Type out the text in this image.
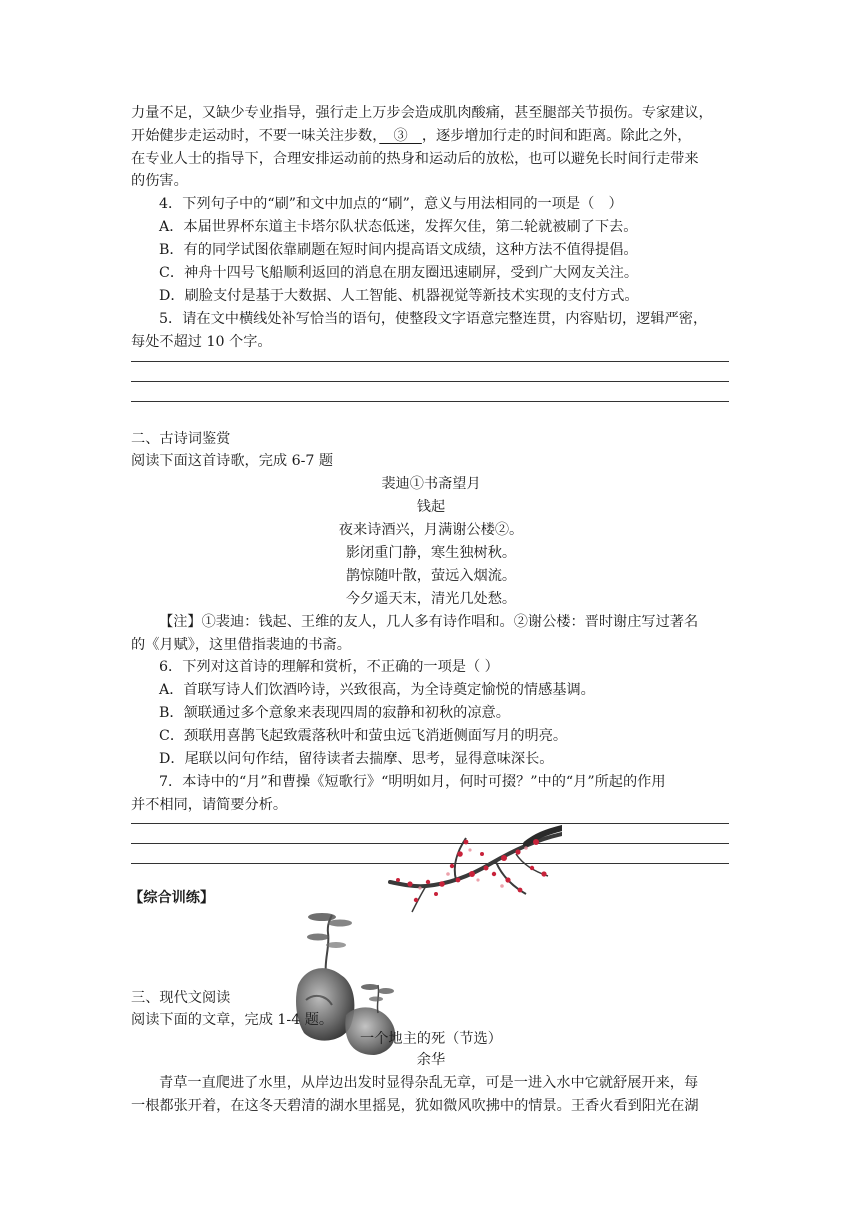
力量不足，又缺少专业指导，强行走上万步会造成肌肉酸痛，甚至腿部关节损伤。专家建议，
开始健步走运动时，不要一味关注步数，　③　，逐步增加行走的时间和距离。除此之外，
在专业人士的指导下，合理安排运动前的热身和运动后的放松，也可以避免长时间行走带来
的伤害。
4．下列句子中的“刷”和文中加点的“刷”，意义与用法相同的一项是（　）
A．本届世界杯东道主卡塔尔队状态低迷，发挥欠佳，第二轮就被刷了下去。
B．有的同学试图依靠刷题在短时间内提高语文成绩，这种方法不值得提倡。
C．神舟十四号飞船顺利返回的消息在朋友圈迅速刷屏，受到广大网友关注。
D．刷脸支付是基于大数据、人工智能、机器视觉等新技术实现的支付方式。
5．请在文中横线处补写恰当的语句，使整段文字语意完整连贯，内容贴切，逻辑严密，
每处不超过 10 个字。
二、古诗词鉴赏
阅读下面这首诗歌，完成 6-7 题
裴迪①书斋望月
钱起
夜来诗酒兴，月满谢公楼②。
影闭重门静，寒生独树秋。
鹊惊随叶散，萤远入烟流。
今夕遥天末，清光几处愁。
【注】①裴迪：钱起、王维的友人，几人多有诗作唱和。②谢公楼：晋时谢庄写过著名
的《月赋》，这里借指裴迪的书斋。
6．下列对这首诗的理解和赏析，不正确的一项是（ ）
A．首联写诗人们饮酒吟诗，兴致很高，为全诗奠定愉悦的情感基调。
B．颔联通过多个意象来表现四周的寂静和初秋的凉意。
C．颈联用喜鹊飞起致震落秋叶和萤虫远飞消逝侧面写月的明亮。
D．尾联以问句作结，留待读者去揣摩、思考，显得意味深长。
7．本诗中的“月”和曹操《短歌行》“明明如月，何时可掇？”中的“月”所起的作用
并不相同，请简要分析。
【综合训练】
三、现代文阅读
阅读下面的文章，完成 1-4 题。
一个地主的死（节选）
余华
青草一直爬进了水里，从岸边出发时显得杂乱无章，可是一进入水中它就舒展开来，每
一根都张开着，在这冬天碧清的湖水里摇晃，犹如微风吹拂中的情景。王香火看到阳光在湖
